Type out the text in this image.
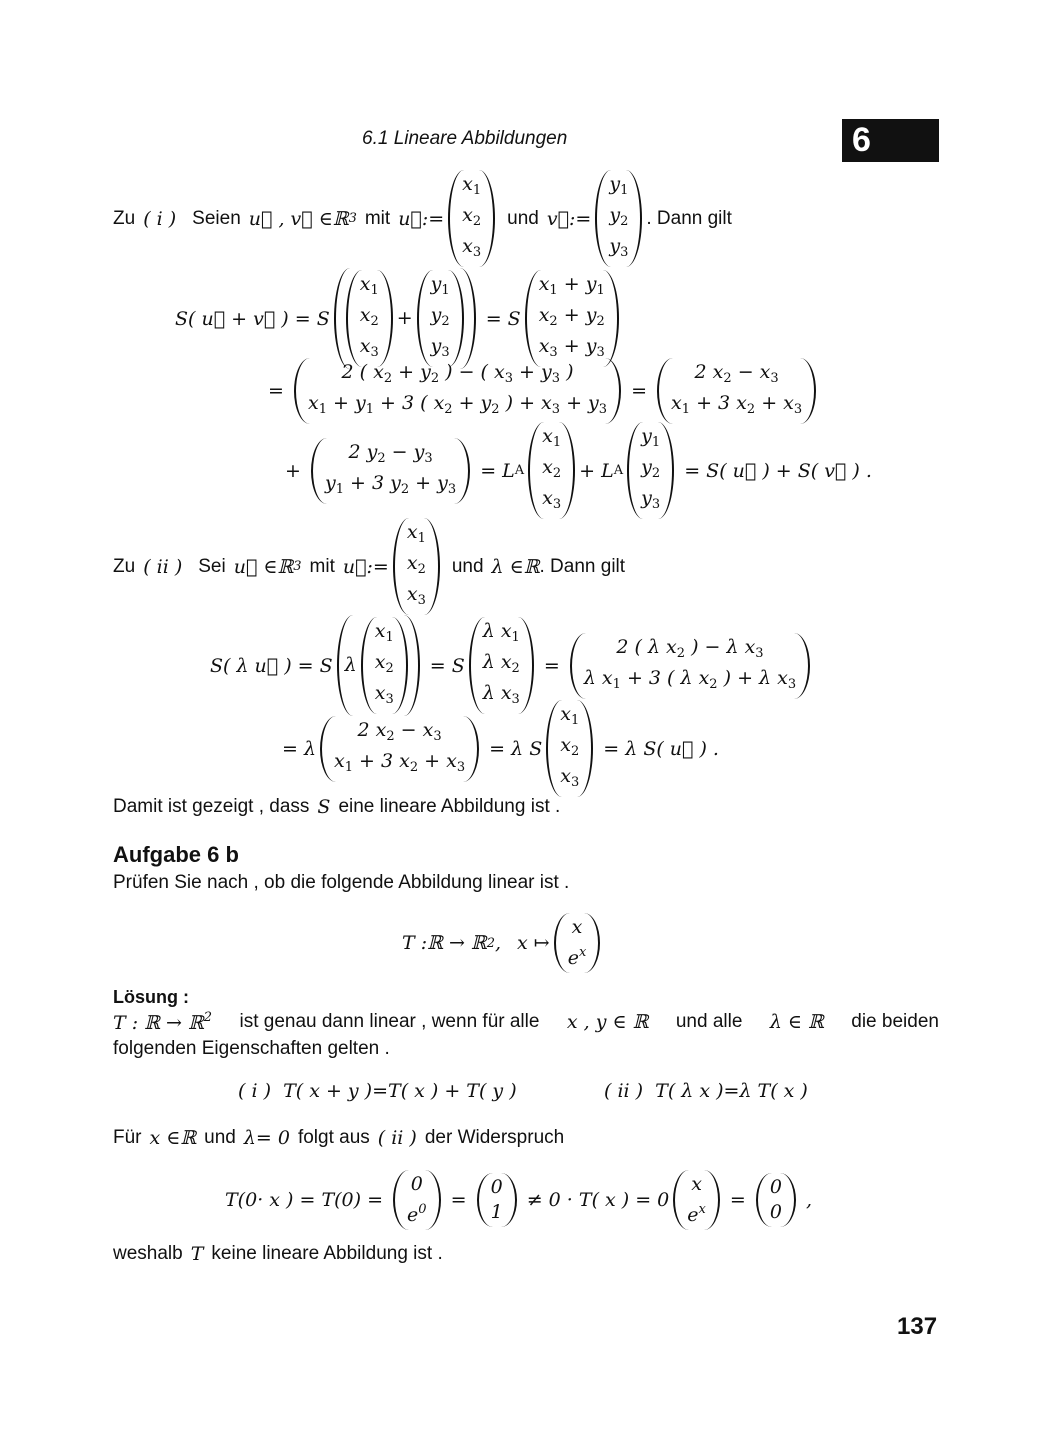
6.1 Lineare Abbildungen	6
Zu ( i ) Seien u⃗ , v⃗ ∈ ℝ 3 mit u⃗ :=
$x_1$
$x_2$
$x_3$
und v⃗ :=
$y_1$
$y_2$
$y_3$
. Dann gilt
S( u⃗ + v⃗ ) = S
$x_1$
$x_2$
$x_3$
+
$y_1$
$y_2$
$y_3$
= S
$x_1 + y_1$
$x_2 + y_2$
$x_3 + y_3$
=
2 ( $x_2 + y_2$ ) − ( $x_3 + y_3$ )
$x_1 + y_1 + 3$ ( $x_2 + y_2$ ) + $x_3 + y_3$
=
2 $x_2 - x_3$
$x_1 + 3$ $x_2 + x_3$
+
2 $y_2 - y_3$
$y_1 + 3$ $y_2 + y_3$
= L A
$x_1$
$x_2$
$x_3$
+ L A
$y_1$
$y_2$
$y_3$
= S( u⃗ ) + S( v⃗ ) .
Zu ( ii ) Sei u⃗ ∈ ℝ 3 mit u⃗ :=
$x_1$
$x_2$
$x_3$
und λ ∈ ℝ . Dann gilt
S( λ u⃗ ) = S λ
$x_1$
$x_2$
$x_3$
= S
λ $x_1$
λ $x_2$
λ $x_3$
=
2 ( λ $x_2$ ) − λ $x_3$
λ $x_1 + 3$ ( λ $x_2$ ) + λ $x_3$
= λ
2 $x_2 - x_3$
$x_1 + 3$ $x_2 + x_3$
= λ S
$x_1$
$x_2$
$x_3$
= λ S( u⃗ ) .
Damit ist gezeigt , dass S eine lineare Abbildung ist .
Aufgabe 6 b
Prüfen Sie nach , ob die folgende Abbildung linear ist .
T : ℝ → ℝ 2 ,
x ↦
x
$e^x$
Lösung :
T : ℝ → ℝ$^2$ ist genau dann linear , wenn für alle x , y ∈ ℝ und alle λ ∈ ℝ die beiden
folgenden Eigenschaften gelten .
( i ) T( x + y ) = T( x ) + T( y )	( ii ) T( λ x ) = λ T( x )
Für x ∈ ℝ und λ = 0 folgt aus ( ii ) der Widerspruch
T( 0 · x ) = T( 0 ) =
0
$e^0$ =
0
1
≠ 0 · T( x ) = 0
x
$e^x$ =
0
0
,
weshalb T keine lineare Abbildung ist .
137
